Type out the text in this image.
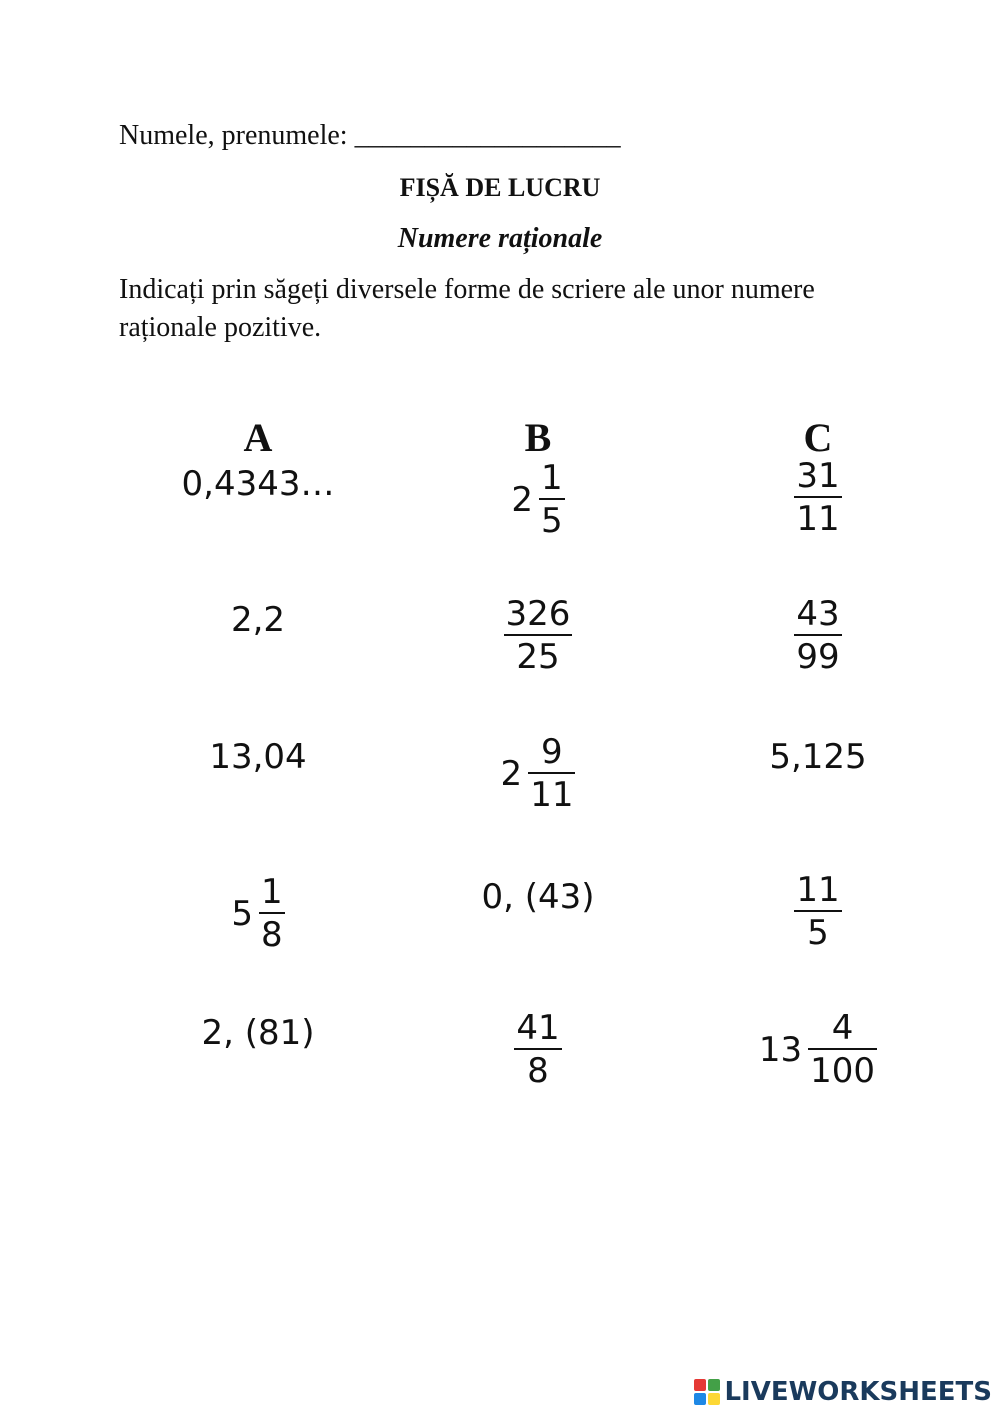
Numele, prenumele: ___________________
FIȘĂ DE LUCRU
Numere raționale
Indicați prin săgeți diversele forme de scriere ale unor numere raționale pozitive.
A	B	C
0,4343…
2,2
13,04
$5 \frac{1}{8}$
2, (81)
$2 \frac{1}{5}$
$\frac{326}{25}$
$2 \frac{9}{11}$
0, (43)
$\frac{41}{8}$
$\frac{31}{11}$
$\frac{43}{99}$
5,125
$\frac{11}{5}$
$13 \frac{4}{100}$
LIVEWORKSHEETS
